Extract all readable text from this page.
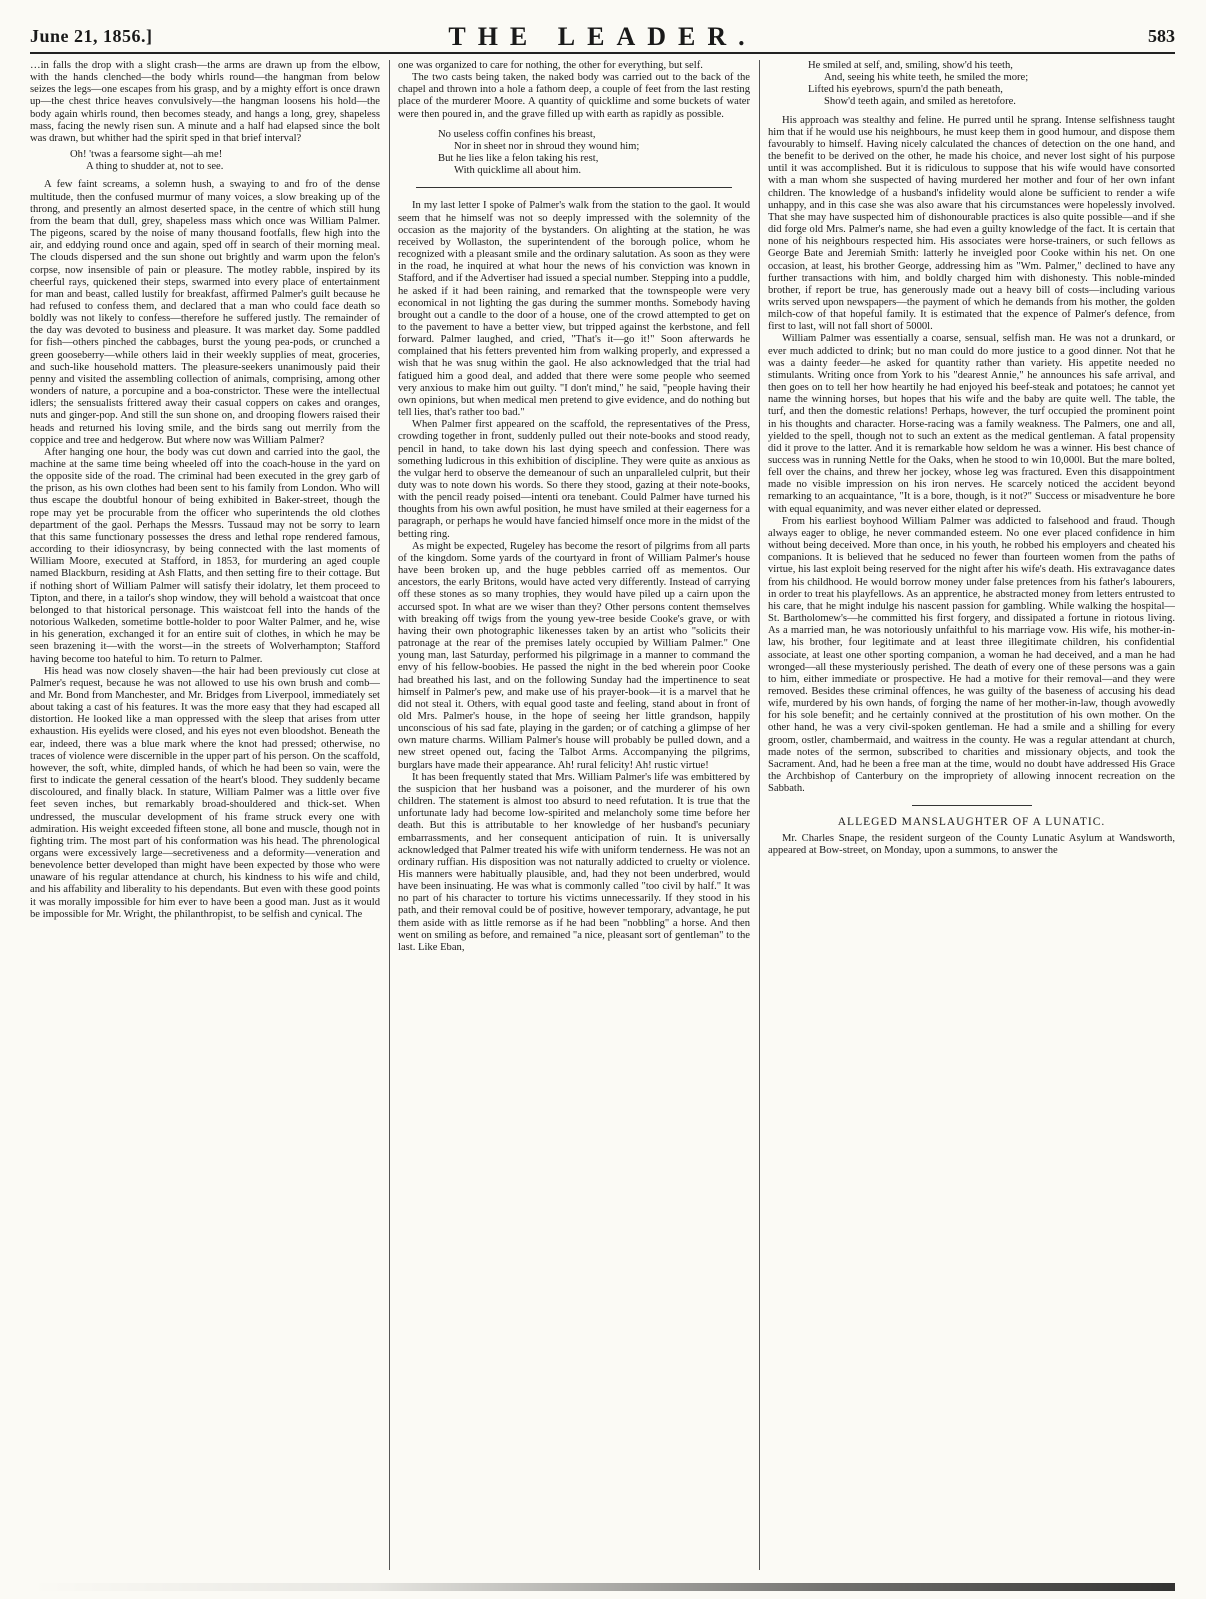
June 21, 1856.]	THE LEADER.	583

…in falls the drop with a slight crash—the arms are drawn up from the elbow, with the hands clenched—the body whirls round—the hangman from below seizes the legs—one escapes from his grasp, and by a mighty effort is once drawn up—the chest thrice heaves convulsively—the hangman loosens his hold—the body again whirls round, then becomes steady, and hangs a long, grey, shapeless mass, facing the newly risen sun. A minute and a half had elapsed since the bolt was drawn, but whither had the spirit sped in that brief interval?

Oh! 'twas a fearsome sight—ah me!
A thing to shudder at, not to see.

A few faint screams, a solemn hush, a swaying to and fro of the dense multitude, then the confused murmur of many voices, a slow breaking up of the throng, and presently an almost deserted space, in the centre of which still hung from the beam that dull, grey, shapeless mass which once was William Palmer. The pigeons, scared by the noise of many thousand footfalls, flew high into the air, and eddying round once and again, sped off in search of their morning meal. The clouds dispersed and the sun shone out brightly and warm upon the felon's corpse, now insensible of pain or pleasure. The motley rabble, inspired by its cheerful rays, quickened their steps, swarmed into every place of entertainment for man and beast, called lustily for breakfast, affirmed Palmer's guilt because he had refused to confess them, and declared that a man who could face death so boldly was not likely to confess—therefore he suffered justly. The remainder of the day was devoted to business and pleasure. It was market day. Some paddled for fish—others pinched the cabbages, burst the young pea-pods, or crunched a green gooseberry—while others laid in their weekly supplies of meat, groceries, and such-like household matters. The pleasure-seekers unanimously paid their penny and visited the assembling collection of animals, comprising, among other wonders of nature, a porcupine and a boa-constrictor. These were the intellectual idlers; the sensualists frittered away their casual coppers on cakes and oranges, nuts and ginger-pop. And still the sun shone on, and drooping flowers raised their heads and returned his loving smile, and the birds sang out merrily from the coppice and tree and hedgerow. But where now was William Palmer?

After hanging one hour, the body was cut down and carried into the gaol, the machine at the same time being wheeled off into the coach-house in the yard on the opposite side of the road. The criminal had been executed in the grey garb of the prison, as his own clothes had been sent to his family from London. Who will thus escape the doubtful honour of being exhibited in Baker-street, though the rope may yet be procurable from the officer who superintends the old clothes department of the gaol. Perhaps the Messrs. Tussaud may not be sorry to learn that this same functionary possesses the dress and lethal rope rendered famous, according to their idiosyncrasy, by being connected with the last moments of William Moore, executed at Stafford, in 1853, for murdering an aged couple named Blackburn, residing at Ash Flatts, and then setting fire to their cottage. But if nothing short of William Palmer will satisfy their idolatry, let them proceed to Tipton, and there, in a tailor's shop window, they will behold a waistcoat that once belonged to that historical personage. This waistcoat fell into the hands of the notorious Walkeden, sometime bottle-holder to poor Walter Palmer, and he, wise in his generation, exchanged it for an entire suit of clothes, in which he may be seen brazening it—with the worst—in the streets of Wolverhampton; Stafford having become too hateful to him. To return to Palmer.

His head was now closely shaven—the hair had been previously cut close at Palmer's request, because he was not allowed to use his own brush and comb—and Mr. Bond from Manchester, and Mr. Bridges from Liverpool, immediately set about taking a cast of his features. It was the more easy that they had escaped all distortion. He looked like a man oppressed with the sleep that arises from utter exhaustion. His eyelids were closed, and his eyes not even bloodshot. Beneath the ear, indeed, there was a blue mark where the knot had pressed; otherwise, no traces of violence were discernible in the upper part of his person. On the scaffold, however, the soft, white, dimpled hands, of which he had been so vain, were the first to indicate the general cessation of the heart's blood. They suddenly became discoloured, and finally black. In stature, William Palmer was a little over five feet seven inches, but remarkably broad-shouldered and thick-set. When undressed, the muscular development of his frame struck every one with admiration. His weight exceeded fifteen stone, all bone and muscle, though not in fighting trim. The most part of his conformation was his head. The phrenological organs were excessively large—secretiveness and a deformity—veneration and benevolence better developed than might have been expected by those who were unaware of his regular attendance at church, his kindness to his wife and child, and his affability and liberality to his dependants. But even with these good points it was morally impossible for him ever to have been a good man. Just as it would be impossible for Mr. Wright, the philanthropist, to be selfish and cynical. The

one was organized to care for nothing, the other for everything, but self.

The two casts being taken, the naked body was carried out to the back of the chapel and thrown into a hole a fathom deep, a couple of feet from the last resting place of the murderer Moore. A quantity of quicklime and some buckets of water were then poured in, and the grave filled up with earth as rapidly as possible.

No useless coffin confines his breast,
Nor in sheet nor in shroud they wound him;
But he lies like a felon taking his rest,
With quicklime all about him.

In my last letter I spoke of Palmer's walk from the station to the gaol. It would seem that he himself was not so deeply impressed with the solemnity of the occasion as the majority of the bystanders. On alighting at the station, he was received by Wollaston, the superintendent of the borough police, whom he recognized with a pleasant smile and the ordinary salutation. As soon as they were in the road, he inquired at what hour the news of his conviction was known in Stafford, and if the Advertiser had issued a special number. Stepping into a puddle, he asked if it had been raining, and remarked that the townspeople were very economical in not lighting the gas during the summer months. Somebody having brought out a candle to the door of a house, one of the crowd attempted to get on to the pavement to have a better view, but tripped against the kerbstone, and fell forward. Palmer laughed, and cried, "That's it—go it!" Soon afterwards he complained that his fetters prevented him from walking properly, and expressed a wish that he was snug within the gaol. He also acknowledged that the trial had fatigued him a good deal, and added that there were some people who seemed very anxious to make him out guilty. "I don't mind," he said, "people having their own opinions, but when medical men pretend to give evidence, and do nothing but tell lies, that's rather too bad."

When Palmer first appeared on the scaffold, the representatives of the Press, crowding together in front, suddenly pulled out their note-books and stood ready, pencil in hand, to take down his last dying speech and confession. There was something ludicrous in this exhibition of discipline. They were quite as anxious as the vulgar herd to observe the demeanour of such an unparalleled culprit, but their duty was to note down his words. So there they stood, gazing at their note-books, with the pencil ready poised—intenti ora tenebant. Could Palmer have turned his thoughts from his own awful position, he must have smiled at their eagerness for a paragraph, or perhaps he would have fancied himself once more in the midst of the betting ring.

As might be expected, Rugeley has become the resort of pilgrims from all parts of the kingdom. Some yards of the courtyard in front of William Palmer's house have been broken up, and the huge pebbles carried off as mementos. Our ancestors, the early Britons, would have acted very differently. Instead of carrying off these stones as so many trophies, they would have piled up a cairn upon the accursed spot. In what are we wiser than they? Other persons content themselves with breaking off twigs from the young yew-tree beside Cooke's grave, or with having their own photographic likenesses taken by an artist who "solicits their patronage at the rear of the premises lately occupied by William Palmer." One young man, last Saturday, performed his pilgrimage in a manner to command the envy of his fellow-boobies. He passed the night in the bed wherein poor Cooke had breathed his last, and on the following Sunday had the impertinence to seat himself in Palmer's pew, and make use of his prayer-book—it is a marvel that he did not steal it. Others, with equal good taste and feeling, stand about in front of old Mrs. Palmer's house, in the hope of seeing her little grandson, happily unconscious of his sad fate, playing in the garden; or of catching a glimpse of her own mature charms. William Palmer's house will probably be pulled down, and a new street opened out, facing the Talbot Arms. Accompanying the pilgrims, burglars have made their appearance. Ah! rural felicity! Ah! rustic virtue!

It has been frequently stated that Mrs. William Palmer's life was embittered by the suspicion that her husband was a poisoner, and the murderer of his own children. The statement is almost too absurd to need refutation. It is true that the unfortunate lady had become low-spirited and melancholy some time before her death. But this is attributable to her knowledge of her husband's pecuniary embarrassments, and her consequent anticipation of ruin. It is universally acknowledged that Palmer treated his wife with uniform tenderness. He was not an ordinary ruffian. His disposition was not naturally addicted to cruelty or violence. His manners were habitually plausible, and, had they not been underbred, would have been insinuating. He was what is commonly called "too civil by half." It was no part of his character to torture his victims unnecessarily. If they stood in his path, and their removal could be of positive, however temporary, advantage, he put them aside with as little remorse as if he had been "nobbling" a horse. And then went on smiling as before, and remained "a nice, pleasant sort of gentleman" to the last. Like Eban,

He smiled at self, and, smiling, show'd his teeth,
And, seeing his white teeth, he smiled the more;
Lifted his eyebrows, spurn'd the path beneath,
Show'd teeth again, and smiled as heretofore.

His approach was stealthy and feline. He purred until he sprang. Intense selfishness taught him that if he would use his neighbours, he must keep them in good humour, and dispose them favourably to himself. Having nicely calculated the chances of detection on the one hand, and the benefit to be derived on the other, he made his choice, and never lost sight of his purpose until it was accomplished. But it is ridiculous to suppose that his wife would have consorted with a man whom she suspected of having murdered her mother and four of her own infant children. The knowledge of a husband's infidelity would alone be sufficient to render a wife unhappy, and in this case she was also aware that his circumstances were hopelessly involved. That she may have suspected him of dishonourable practices is also quite possible—and if she did forge old Mrs. Palmer's name, she had even a guilty knowledge of the fact. It is certain that none of his neighbours respected him. His associates were horse-trainers, or such fellows as George Bate and Jeremiah Smith: latterly he inveigled poor Cooke within his net. On one occasion, at least, his brother George, addressing him as "Wm. Palmer," declined to have any further transactions with him, and boldly charged him with dishonesty. This noble-minded brother, if report be true, has generously made out a heavy bill of costs—including various writs served upon newspapers—the payment of which he demands from his mother, the golden milch-cow of that hopeful family. It is estimated that the expence of Palmer's defence, from first to last, will not fall short of 5000l.

William Palmer was essentially a coarse, sensual, selfish man. He was not a drunkard, or ever much addicted to drink; but no man could do more justice to a good dinner. Not that he was a dainty feeder—he asked for quantity rather than variety. His appetite needed no stimulants. Writing once from York to his "dearest Annie," he announces his safe arrival, and then goes on to tell her how heartily he had enjoyed his beef-steak and potatoes; he cannot yet name the winning horses, but hopes that his wife and the baby are quite well. The table, the turf, and then the domestic relations! Perhaps, however, the turf occupied the prominent point in his thoughts and character. Horse-racing was a family weakness. The Palmers, one and all, yielded to the spell, though not to such an extent as the medical gentleman. A fatal propensity did it prove to the latter. And it is remarkable how seldom he was a winner. His best chance of success was in running Nettle for the Oaks, when he stood to win 10,000l. But the mare bolted, fell over the chains, and threw her jockey, whose leg was fractured. Even this disappointment made no visible impression on his iron nerves. He scarcely noticed the accident beyond remarking to an acquaintance, "It is a bore, though, is it not?" Success or misadventure he bore with equal equanimity, and was never either elated or depressed.

From his earliest boyhood William Palmer was addicted to falsehood and fraud. Though always eager to oblige, he never commanded esteem. No one ever placed confidence in him without being deceived. More than once, in his youth, he robbed his employers and cheated his companions. It is believed that he seduced no fewer than fourteen women from the paths of virtue, his last exploit being reserved for the night after his wife's death. His extravagance dates from his childhood. He would borrow money under false pretences from his father's labourers, in order to treat his playfellows. As an apprentice, he abstracted money from letters entrusted to his care, that he might indulge his nascent passion for gambling. While walking the hospital—St. Bartholomew's—he committed his first forgery, and dissipated a fortune in riotous living. As a married man, he was notoriously unfaithful to his marriage vow. His wife, his mother-in-law, his brother, four legitimate and at least three illegitimate children, his confidential associate, at least one other sporting companion, a woman he had deceived, and a man he had wronged—all these mysteriously perished. The death of every one of these persons was a gain to him, either immediate or prospective. He had a motive for their removal—and they were removed. Besides these criminal offences, he was guilty of the baseness of accusing his dead wife, murdered by his own hands, of forging the name of her mother-in-law, though avowedly for his sole benefit; and he certainly connived at the prostitution of his own mother. On the other hand, he was a very civil-spoken gentleman. He had a smile and a shilling for every groom, ostler, chambermaid, and waitress in the county. He was a regular attendant at church, made notes of the sermon, subscribed to charities and missionary objects, and took the Sacrament. And, had he been a free man at the time, would no doubt have addressed His Grace the Archbishop of Canterbury on the impropriety of allowing innocent recreation on the Sabbath.

ALLEGED MANSLAUGHTER OF A LUNATIC.

Mr. Charles Snape, the resident surgeon of the County Lunatic Asylum at Wandsworth, appeared at Bow-street, on Monday, upon a summons, to answer the
